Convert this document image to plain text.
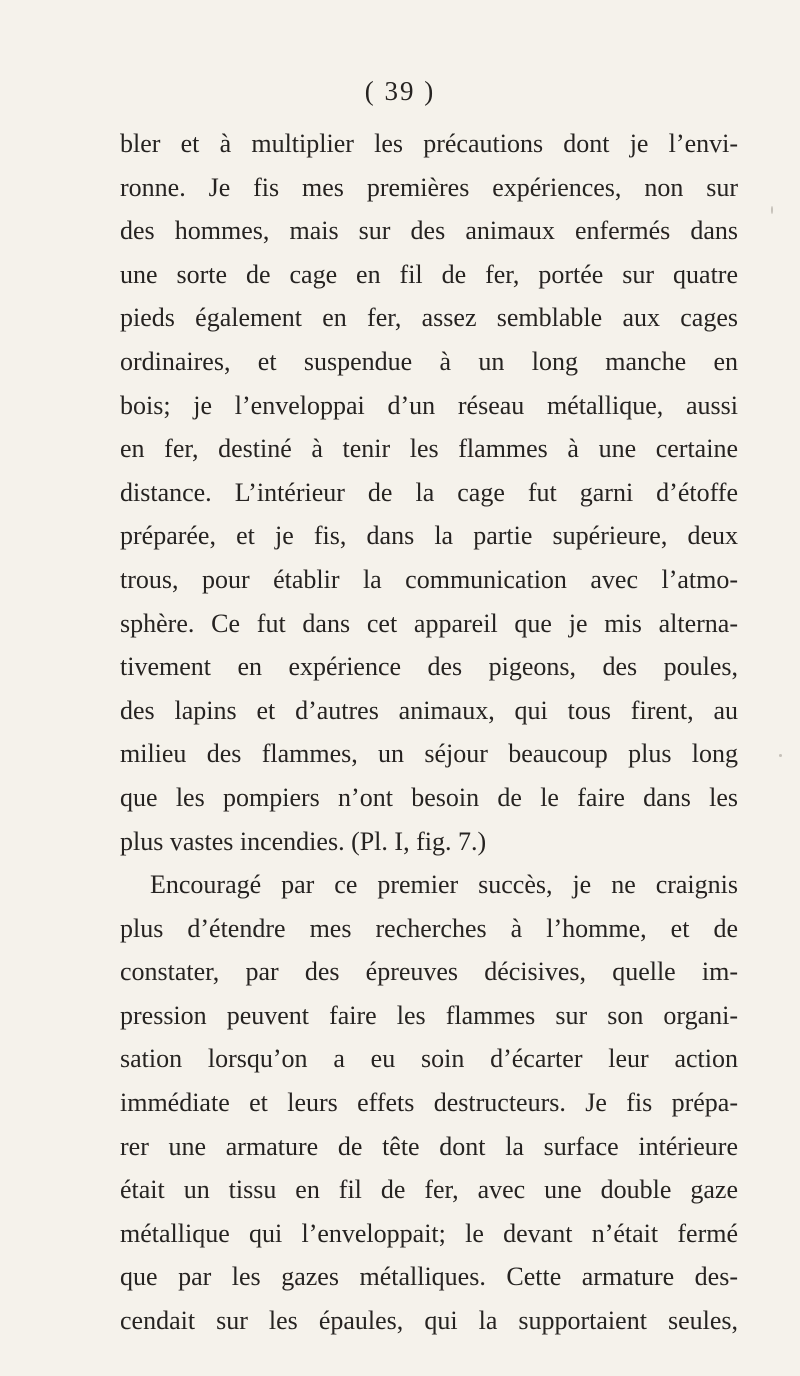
( 39 )
bler et à multiplier les précautions dont je l’envi-
ronne. Je fis mes premières expériences, non sur
des hommes, mais sur des animaux enfermés dans
une sorte de cage en fil de fer, portée sur quatre
pieds également en fer, assez semblable aux cages
ordinaires, et suspendue à un long manche en
bois; je l’enveloppai d’un réseau métallique, aussi
en fer, destiné à tenir les flammes à une certaine
distance. L’intérieur de la cage fut garni d’étoffe
préparée, et je fis, dans la partie supérieure, deux
trous, pour établir la communication avec l’atmo-
sphère. Ce fut dans cet appareil que je mis alterna-
tivement en expérience des pigeons, des poules,
des lapins et d’autres animaux, qui tous firent, au
milieu des flammes, un séjour beaucoup plus long
que les pompiers n’ont besoin de le faire dans les
plus vastes incendies. (Pl. I, fig. 7.)
Encouragé par ce premier succès, je ne craignis
plus d’étendre mes recherches à l’homme, et de
constater, par des épreuves décisives, quelle im-
pression peuvent faire les flammes sur son organi-
sation lorsqu’on a eu soin d’écarter leur action
immédiate et leurs effets destructeurs. Je fis prépa-
rer une armature de tête dont la surface intérieure
était un tissu en fil de fer, avec une double gaze
métallique qui l’enveloppait; le devant n’était fermé
que par les gazes métalliques. Cette armature des-
cendait sur les épaules, qui la supportaient seules,
